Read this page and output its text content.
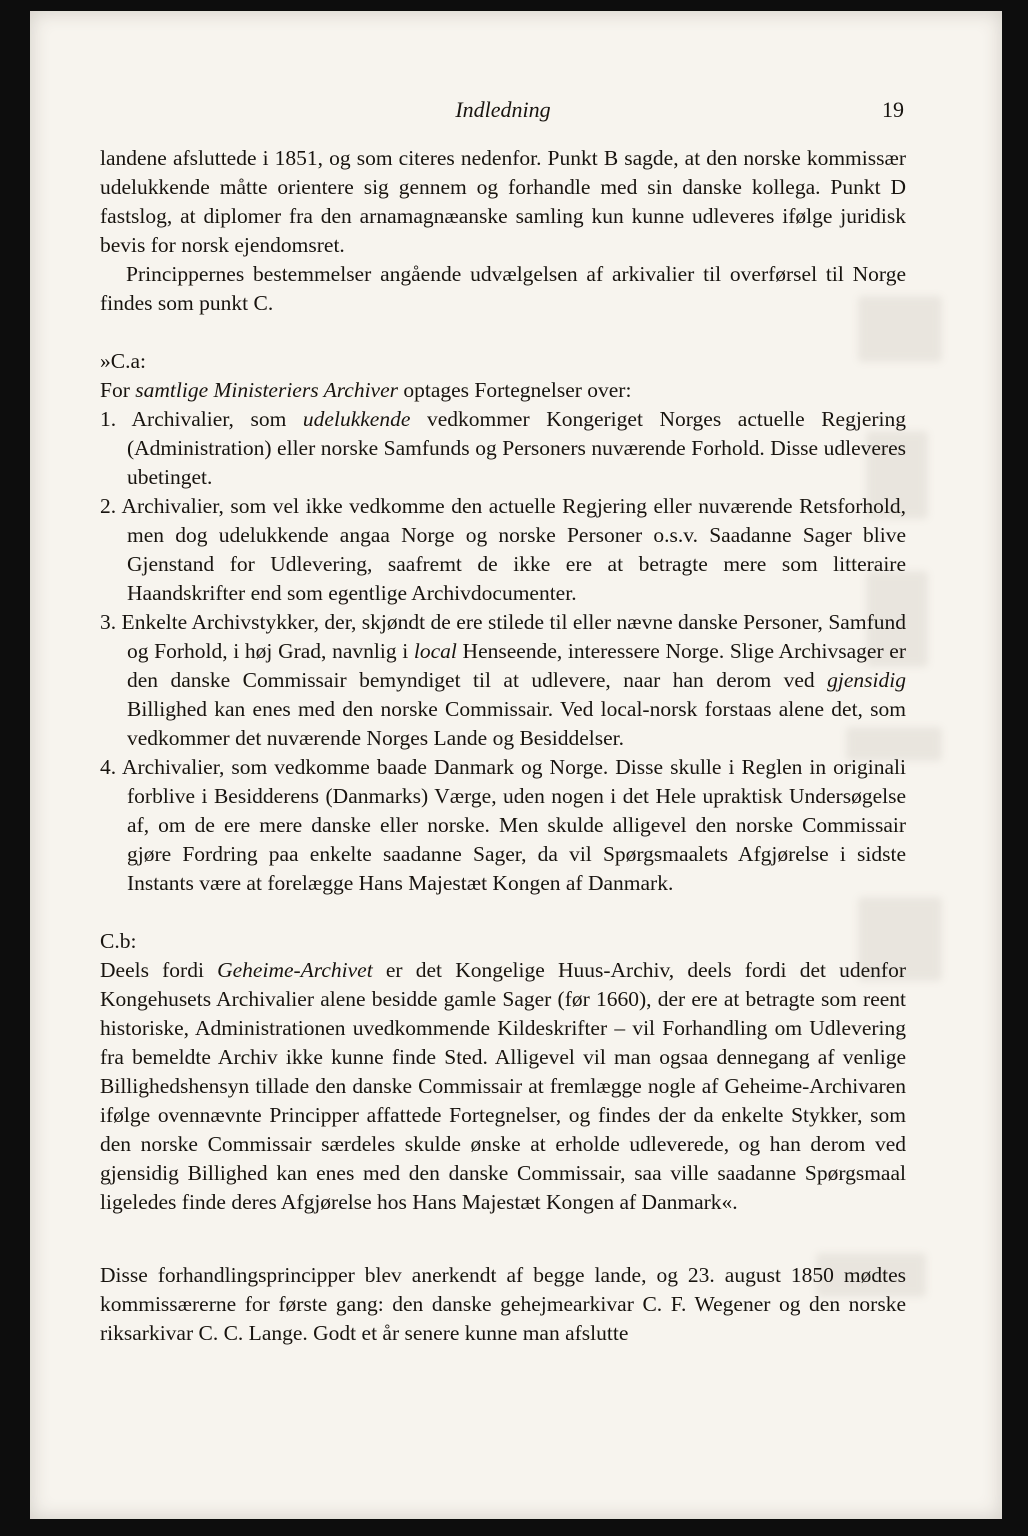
Indledning	19

landene afsluttede i 1851, og som citeres nedenfor. Punkt B sagde, at den norske kommissær udelukkende måtte orientere sig gennem og forhandle med sin danske kollega. Punkt D fastslog, at diplomer fra den arnamagnæanske samling kun kunne udleveres ifølge juridisk bevis for norsk ejendomsret.

Princippernes bestemmelser angående udvælgelsen af arkivalier til overførsel til Norge findes som punkt C.

»C.a:

For samtlige Ministeriers Archiver optages Fortegnelser over:

1. Archivalier, som udelukkende vedkommer Kongeriget Norges actuelle Regjering (Administration) eller norske Samfunds og Personers nuværende Forhold. Disse udleveres ubetinget.

2. Archivalier, som vel ikke vedkomme den actuelle Regjering eller nuværende Retsforhold, men dog udelukkende angaa Norge og norske Personer o.s.v. Saadanne Sager blive Gjenstand for Udlevering, saafremt de ikke ere at betragte mere som litteraire Haandskrifter end som egentlige Archivdocumenter.

3. Enkelte Archivstykker, der, skjøndt de ere stilede til eller nævne danske Personer, Samfund og Forhold, i høj Grad, navnlig i local Henseende, interessere Norge. Slige Archivsager er den danske Commissair bemyndiget til at udlevere, naar han derom ved gjensidig Billighed kan enes med den norske Commissair. Ved local-norsk forstaas alene det, som vedkommer det nuværende Norges Lande og Besiddelser.

4. Archivalier, som vedkomme baade Danmark og Norge. Disse skulle i Reglen in originali forblive i Besidderens (Danmarks) Værge, uden nogen i det Hele upraktisk Undersøgelse af, om de ere mere danske eller norske. Men skulde alligevel den norske Commissair gjøre Fordring paa enkelte saadanne Sager, da vil Spørgsmaalets Afgjørelse i sidste Instants være at forelægge Hans Majestæt Kongen af Danmark.

C.b:

Deels fordi Geheime-Archivet er det Kongelige Huus-Archiv, deels fordi det udenfor Kongehusets Archivalier alene besidde gamle Sager (før 1660), der ere at betragte som reent historiske, Administrationen uvedkommende Kildeskrifter – vil Forhandling om Udlevering fra bemeldte Archiv ikke kunne finde Sted. Alligevel vil man ogsaa dennegang af venlige Billighedshensyn tillade den danske Commissair at fremlægge nogle af Geheime-Archivaren ifølge ovennævnte Principper affattede Fortegnelser, og findes der da enkelte Stykker, som den norske Commissair særdeles skulde ønske at erholde udleverede, og han derom ved gjensidig Billighed kan enes med den danske Commissair, saa ville saadanne Spørgsmaal ligeledes finde deres Afgjørelse hos Hans Majestæt Kongen af Danmark«.

Disse forhandlingsprincipper blev anerkendt af begge lande, og 23. august 1850 mødtes kommissærerne for første gang: den danske gehejmearkivar C. F. Wegener og den norske riksarkivar C. C. Lange. Godt et år senere kunne man afslutte
